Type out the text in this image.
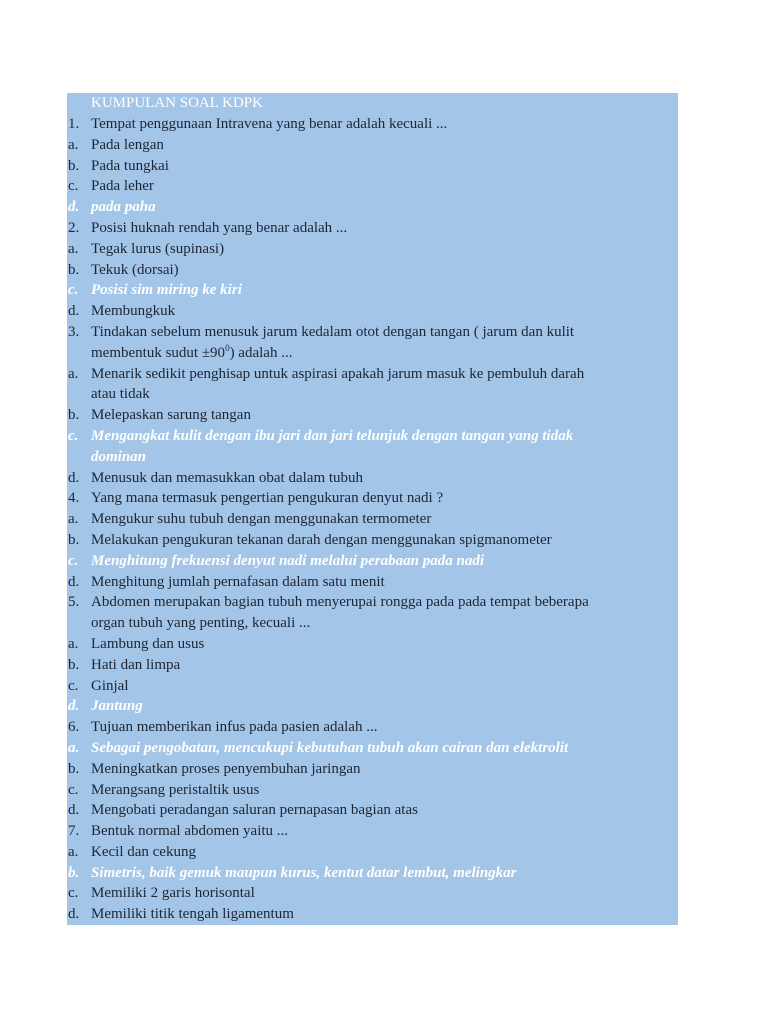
KUMPULAN SOAL KDPK
1. Tempat penggunaan Intravena yang benar adalah kecuali ...
a. Pada lengan
b. Pada tungkai
c. Pada leher
d. pada paha
2. Posisi huknah rendah yang benar adalah ...
a. Tegak lurus (supinasi)
b. Tekuk (dorsai)
c. Posisi sim miring ke kiri
d. Membungkuk
3. Tindakan sebelum menusuk jarum kedalam otot dengan tangan ( jarum dan kulit
membentuk sudut $\pm 90^0$) adalah ...
a. Menarik sedikit penghisap untuk aspirasi apakah jarum masuk ke pembuluh darah
atau tidak
b. Melepaskan sarung tangan
c. Mengangkat kulit dengan ibu jari dan jari telunjuk dengan tangan yang tidak
dominan
d. Menusuk dan memasukkan obat dalam tubuh
4. Yang mana termasuk pengertian pengukuran denyut nadi ?
a. Mengukur suhu tubuh dengan menggunakan termometer
b. Melakukan pengukuran tekanan darah dengan menggunakan spigmanometer
c. Menghitung frekuensi denyut nadi melalui perabaan pada nadi
d. Menghitung jumlah pernafasan dalam satu menit
5. Abdomen merupakan bagian tubuh menyerupai rongga pada pada tempat beberapa
organ tubuh yang penting, kecuali ...
a. Lambung dan usus
b. Hati dan limpa
c. Ginjal
d. Jantung
6. Tujuan memberikan infus pada pasien adalah ...
a. Sebagai pengobatan, mencukupi kebutuhan tubuh akan cairan dan elektrolit
b. Meningkatkan proses penyembuhan jaringan
c. Merangsang peristaltik usus
d. Mengobati peradangan saluran pernapasan bagian atas
7. Bentuk normal abdomen yaitu ...
a. Kecil dan cekung
b. Simetris, baik gemuk maupun kurus, kentut datar lembut, melingkar
c. Memiliki 2 garis horisontal
d. Memiliki titik tengah ligamentum
